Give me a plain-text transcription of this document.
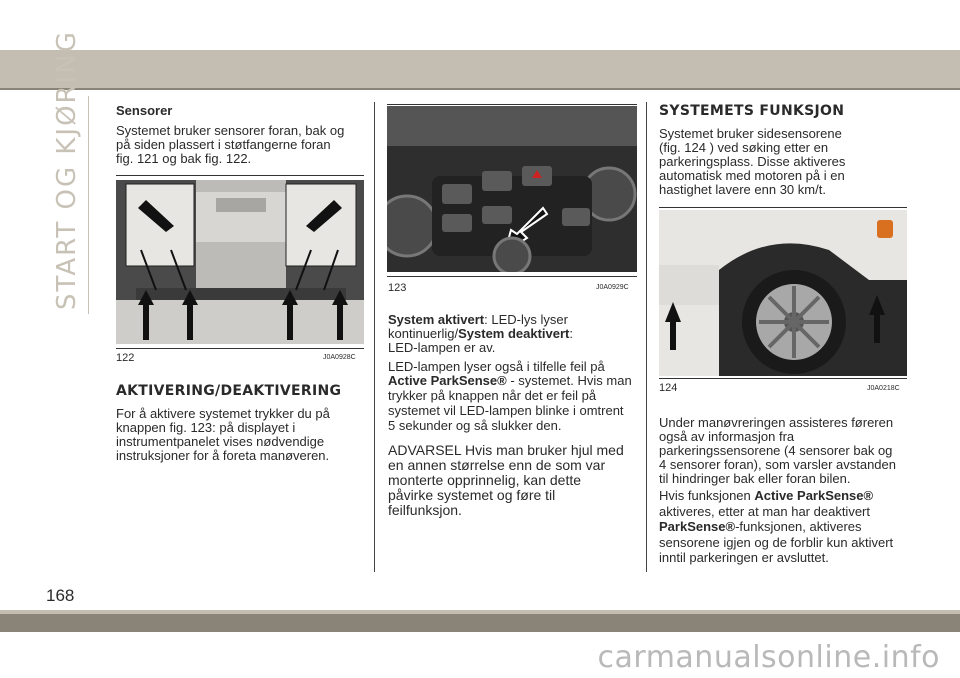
START OG KJØRING
168
Sensorer
Systemet bruker sensorer foran, bak og
på siden plassert i støtfangerne foran
fig. 121 og bak fig. 122.
122	J0A0928C
AKTIVERING/DEAKTIVERING
For å aktivere systemet trykker du på
knappen fig. 123: på displayet i
instrumentpanelet vises nødvendige
instruksjoner for å foreta manøveren.
123	J0A0929C
System aktivert: LED-lys lyser
kontinuerlig/System deaktivert:
LED-lampen er av.
LED-lampen lyser også i tilfelle feil på
Active ParkSense® - systemet. Hvis man
trykker på knappen når det er feil på
systemet vil LED-lampen blinke i omtrent
5 sekunder og så slukker den.
ADVARSEL Hvis man bruker hjul med
en annen størrelse enn de som var
monterte opprinnelig, kan dette
påvirke systemet og føre til
feilfunksjon.
SYSTEMETS FUNKSJON
Systemet bruker sidesensorene
(fig. 124 ) ved søking etter en
parkeringsplass. Disse aktiveres
automatisk med motoren på i en
hastighet lavere enn 30 km/t.
124	J0A0218C
Under manøvreringen assisteres føreren
også av informasjon fra
parkeringssensorene (4 sensorer bak og
4 sensorer foran), som varsler avstanden
til hindringer bak eller foran bilen.
Hvis funksjonen Active ParkSense®
aktiveres, etter at man har deaktivert
ParkSense®-funksjonen, aktiveres
sensorene igjen og de forblir kun aktivert
inntil parkeringen er avsluttet.
carmanualsonline.info
